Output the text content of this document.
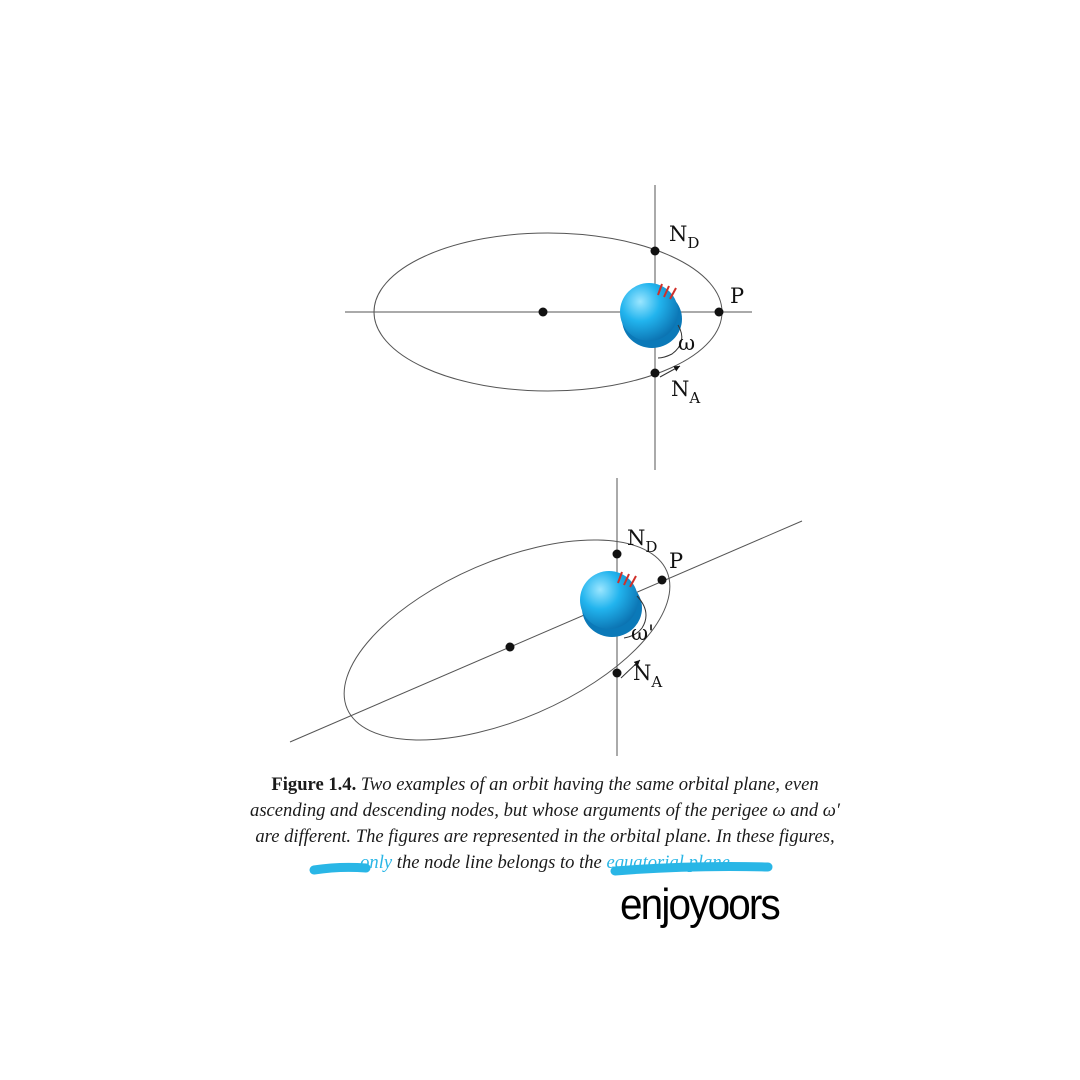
$N_D$
P
ω
$N_A$
$N_D$
P
ω'
$N_A$
Figure 1.4. Two examples of an orbit having the same orbital plane, even
ascending and descending nodes, but whose arguments of the perigee ω and ω′
are different. The figures are represented in the orbital plane. In these figures,
only the node line belongs to the equatorial plane
enjoyoors
